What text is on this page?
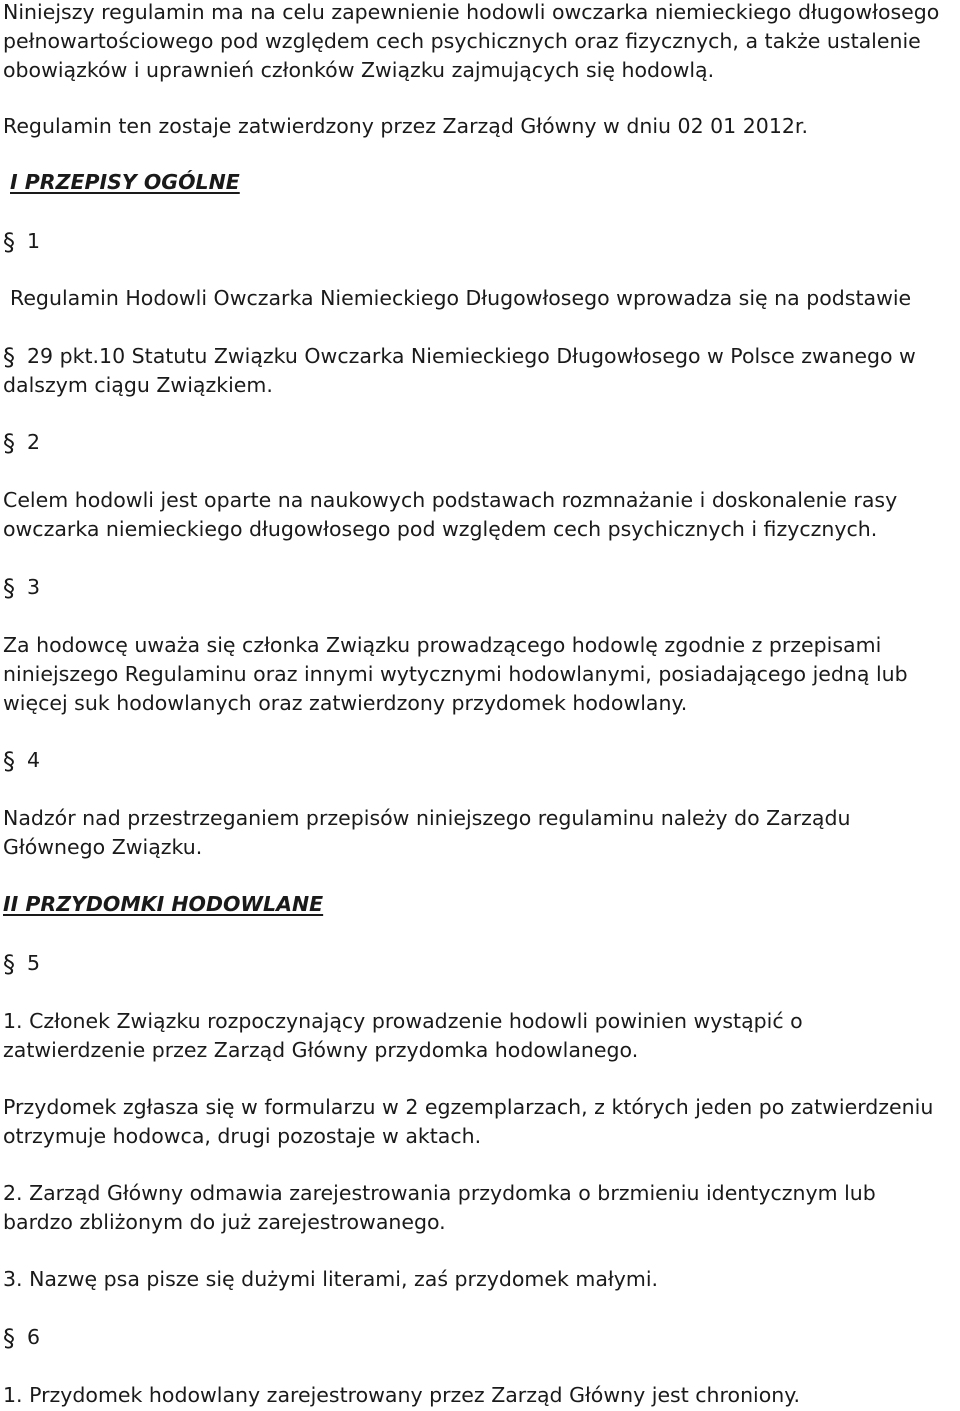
Niniejszy regulamin ma na celu zapewnienie hodowli owczarka niemieckiego długowłosego

pełnowartościowego pod względem cech psychicznych oraz fizycznych, a także ustalenie

obowiązków i uprawnień członków Związku zajmujących się hodowlą.

Regulamin ten zostaje zatwierdzony przez Zarząd Główny w dniu 02 01 2012r.

I PRZEPISY OGÓLNE

§ 1

Regulamin Hodowli Owczarka Niemieckiego Długowłosego wprowadza się na podstawie

§ 29 pkt.10 Statutu Związku Owczarka Niemieckiego Długowłosego w Polsce zwanego w

dalszym ciągu Związkiem.

§ 2

Celem hodowli jest oparte na naukowych podstawach rozmnażanie i doskonalenie rasy

owczarka niemieckiego długowłosego pod względem cech psychicznych i fizycznych.

§ 3

Za hodowcę uważa się członka Związku prowadzącego hodowlę zgodnie z przepisami

niniejszego Regulaminu oraz innymi wytycznymi hodowlanymi, posiadającego jedną lub

więcej suk hodowlanych oraz zatwierdzony przydomek hodowlany.

§ 4

Nadzór nad przestrzeganiem przepisów niniejszego regulaminu należy do Zarządu

Głównego Związku.

II PRZYDOMKI HODOWLANE

§ 5

1. Członek Związku rozpoczynający prowadzenie hodowli powinien wystąpić o

zatwierdzenie przez Zarząd Główny przydomka hodowlanego.

Przydomek zgłasza się w formularzu w 2 egzemplarzach, z których jeden po zatwierdzeniu

otrzymuje hodowca, drugi pozostaje w aktach.

2. Zarząd Główny odmawia zarejestrowania przydomka o brzmieniu identycznym lub

bardzo zbliżonym do już zarejestrowanego.

3. Nazwę psa pisze się dużymi literami, zaś przydomek małymi.

§ 6

1. Przydomek hodowlany zarejestrowany przez Zarząd Główny jest chroniony.
